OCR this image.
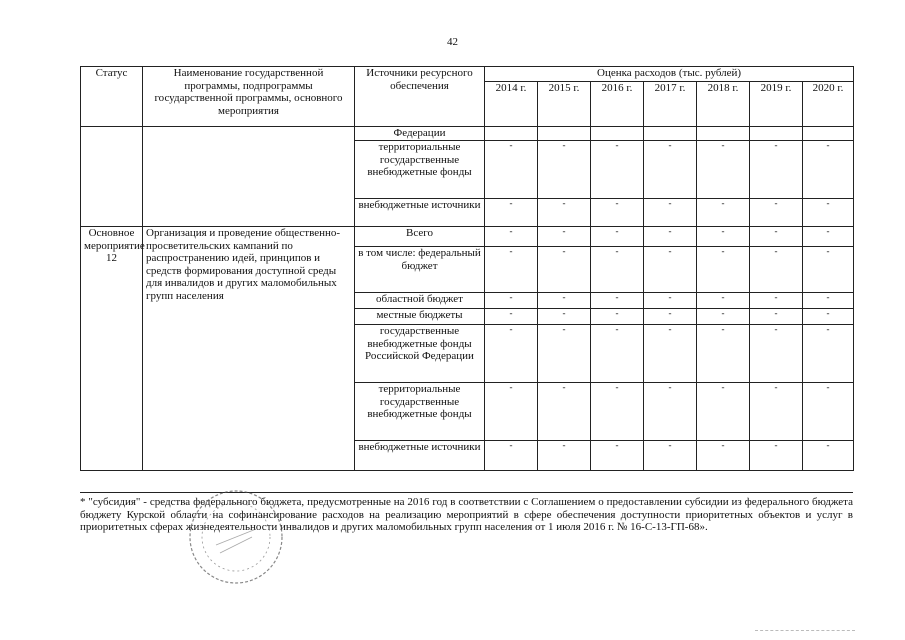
42
Статус	Наименование государственной программы, подпрограммы государственной программы, основного мероприятия	Источники ресурсного обеспечения	Оценка расходов (тыс. рублей)						
			2014 г.	2015 г.	2016 г.	2017 г.	2018 г.	2019 г.	2020 г.
		Федерации							
		территориальные государственные внебюджетные фонды	-	-	-	-	-	-	-
		внебюджетные источники	-	-	-	-	-	-	-
Основное мероприятие 12	Организация и проведение общественно-просветительских кампаний по распространению идей, принципов и средств формирования доступной среды для инвалидов и других маломобильных групп населения	Всего	-	-	-	-	-	-	-
		в том числе: федеральный бюджет	-	-	-	-	-	-	-
		областной бюджет	-	-	-	-	-	-	-
		местные бюджеты	-	-	-	-	-	-	-
		государственные внебюджетные фонды Российской Федерации	-	-	-	-	-	-	-
		территориальные государственные внебюджетные фонды	-	-	-	-	-	-	-
		внебюджетные источники	-	-	-	-	-	-	-
* "субсидия" - средства федерального бюджета, предусмотренные на 2016 год в соответствии с Соглашением о предоставлении субсидии из федерального бюджета бюджету Курской области на софинансирование расходов на реализацию мероприятий в сфере обеспечения доступности приоритетных объектов и услуг в приоритетных сферах жизнедеятельности инвалидов и других маломобильных групп населения от 1 июля 2016 г. № 16-С-13-ГП-68».
